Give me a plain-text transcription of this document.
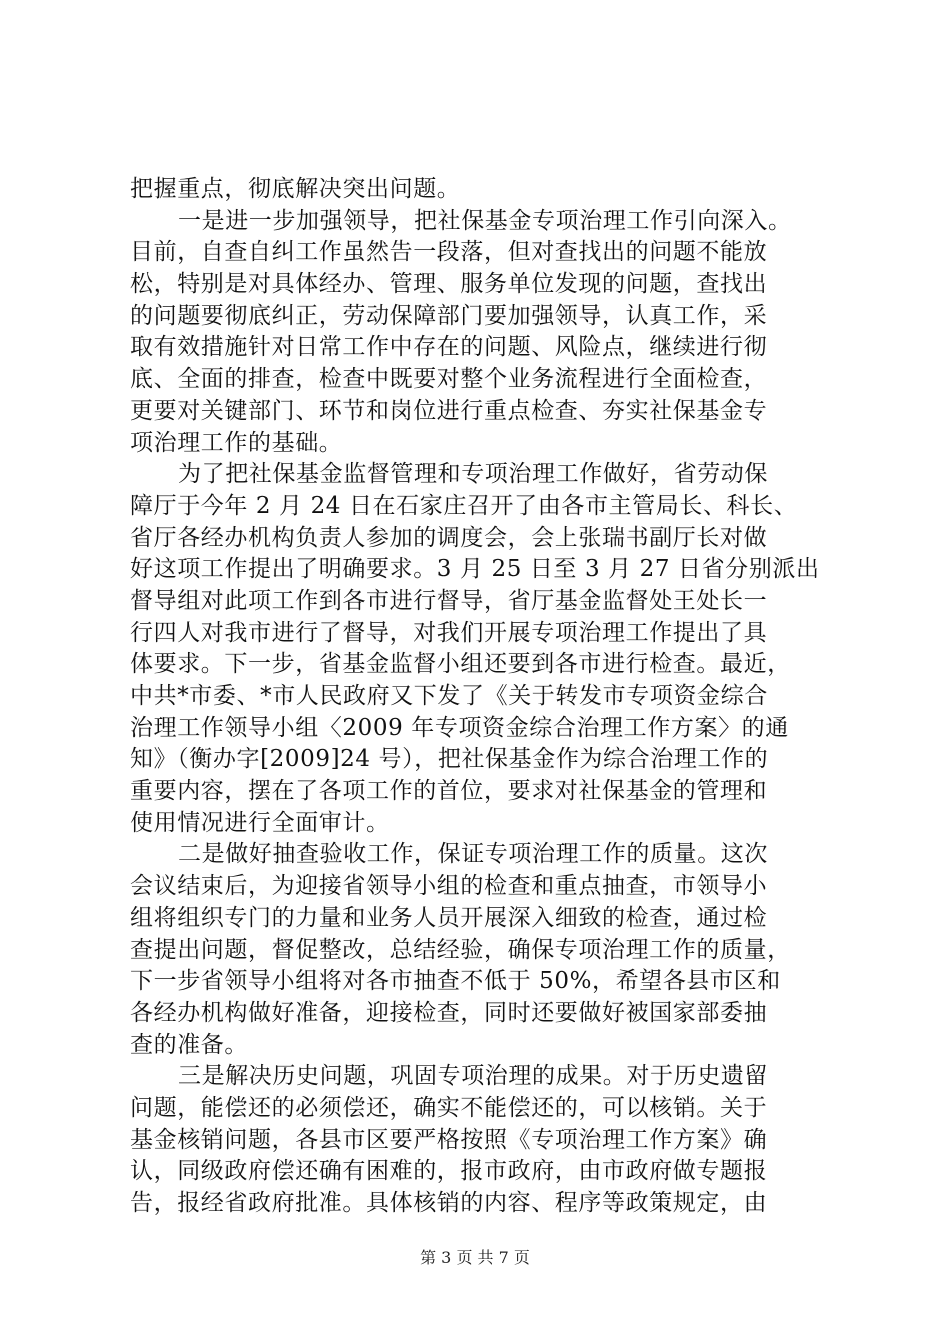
把握重点，彻底解决突出问题。
一是进一步加强领导，把社保基金专项治理工作引向深入。
目前，自查自纠工作虽然告一段落，但对查找出的问题不能放
松，特别是对具体经办、管理、服务单位发现的问题，查找出
的问题要彻底纠正，劳动保障部门要加强领导，认真工作，采
取有效措施针对日常工作中存在的问题、风险点，继续进行彻
底、全面的排查，检查中既要对整个业务流程进行全面检查，
更要对关键部门、环节和岗位进行重点检查、夯实社保基金专
项治理工作的基础。
为了把社保基金监督管理和专项治理工作做好，省劳动保
障厅于今年 2 月 24 日在石家庄召开了由各市主管局长、科长、
省厅各经办机构负责人参加的调度会，会上张瑞书副厅长对做
好这项工作提出了明确要求。3 月 25 日至 3 月 27 日省分别派出
督导组对此项工作到各市进行督导，省厅基金监督处王处长一
行四人对我市进行了督导，对我们开展专项治理工作提出了具
体要求。下一步，省基金监督小组还要到各市进行检查。最近，
中共*市委、*市人民政府又下发了《关于转发市专项资金综合
治理工作领导小组〈2009 年专项资金综合治理工作方案〉的通
知》（衡办字[2009]24 号），把社保基金作为综合治理工作的
重要内容，摆在了各项工作的首位，要求对社保基金的管理和
使用情况进行全面审计。
二是做好抽查验收工作，保证专项治理工作的质量。这次
会议结束后，为迎接省领导小组的检查和重点抽查，市领导小
组将组织专门的力量和业务人员开展深入细致的检查，通过检
查提出问题，督促整改，总结经验，确保专项治理工作的质量，
下一步省领导小组将对各市抽查不低于 50%，希望各县市区和
各经办机构做好准备，迎接检查，同时还要做好被国家部委抽
查的准备。
三是解决历史问题，巩固专项治理的成果。对于历史遗留
问题，能偿还的必须偿还，确实不能偿还的，可以核销。关于
基金核销问题，各县市区要严格按照《专项治理工作方案》确
认，同级政府偿还确有困难的，报市政府，由市政府做专题报
告，报经省政府批准。具体核销的内容、程序等政策规定，由
第 3 页 共 7 页
